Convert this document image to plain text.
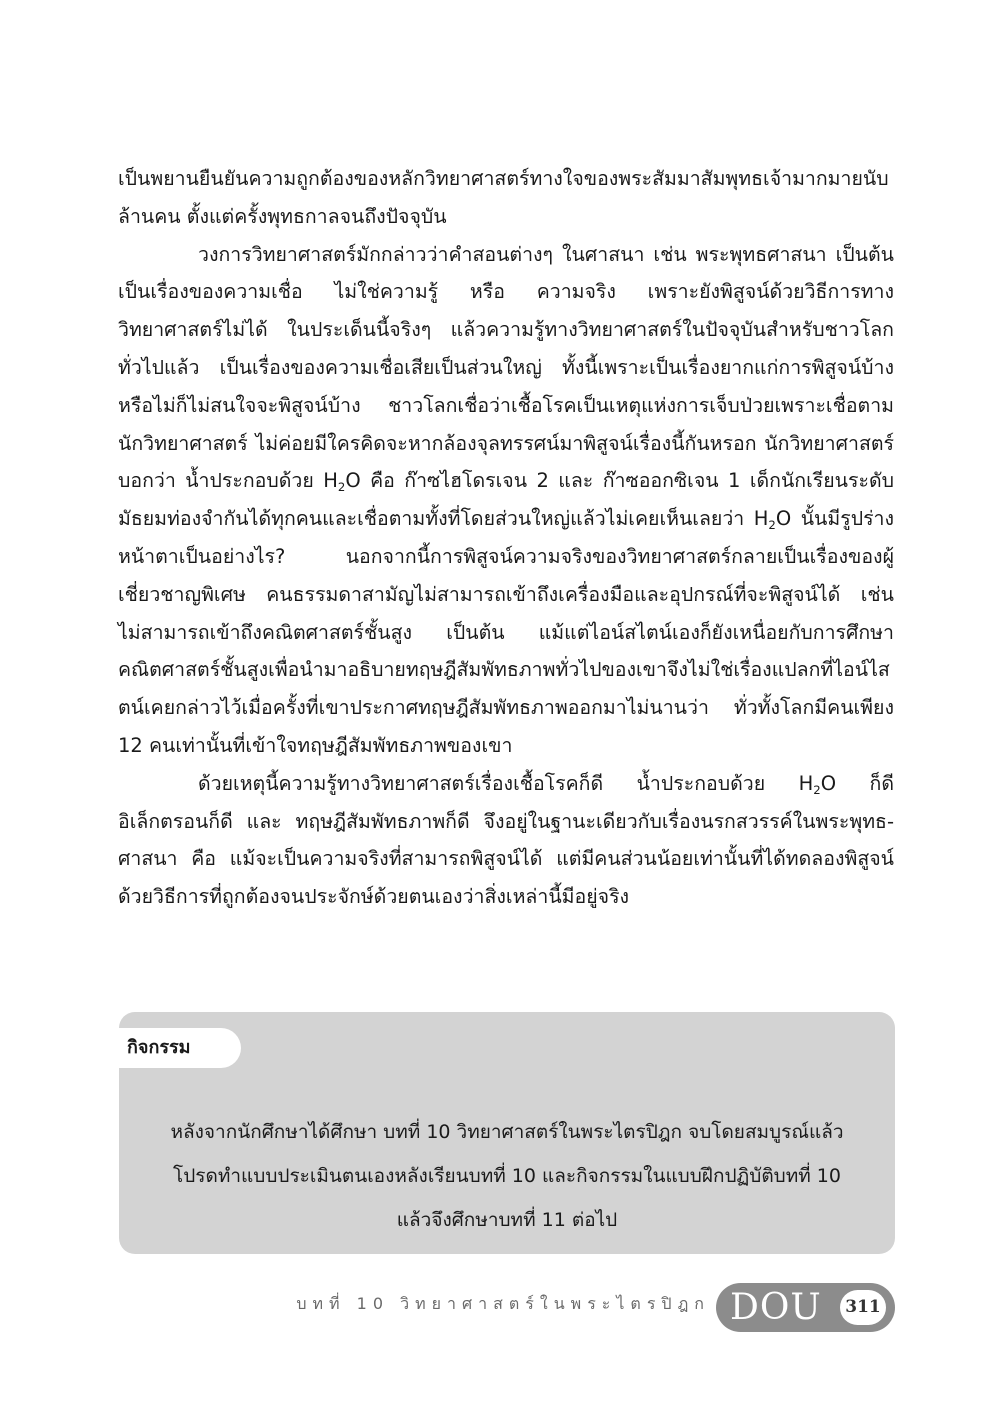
เป็นพยานยืนยันความถูกต้องของหลักวิทยาศาสตร์ทางใจของพระสัมมาสัมพุทธเจ้ามากมายนับล้านคน ตั้งแต่ครั้งพุทธกาลจนถึงปัจจุบัน

วงการวิทยาศาสตร์มักกล่าวว่าคำสอนต่างๆ ในศาสนา เช่น พระพุทธศาสนา เป็นต้น เป็นเรื่องของความเชื่อ ไม่ใช่ความรู้ หรือ ความจริง เพราะยังพิสูจน์ด้วยวิธีการทางวิทยาศาสตร์ไม่ได้ ในประเด็นนี้จริงๆ แล้วความรู้ทางวิทยาศาสตร์ในปัจจุบันสำหรับชาวโลกทั่วไปแล้ว เป็นเรื่องของความเชื่อเสียเป็นส่วนใหญ่ ทั้งนี้เพราะเป็นเรื่องยากแก่การพิสูจน์บ้าง หรือไม่ก็ไม่สนใจจะพิสูจน์บ้าง ชาวโลกเชื่อว่าเชื้อโรคเป็นเหตุแห่งการเจ็บป่วยเพราะเชื่อตามนักวิทยาศาสตร์ ไม่ค่อยมีใครคิดจะหากล้องจุลทรรศน์มาพิสูจน์เรื่องนี้กันหรอก นักวิทยาศาสตร์บอกว่า น้ำประกอบด้วย $H_2O$ คือ ก๊าซไฮโดรเจน 2 และ ก๊าซออกซิเจน 1 เด็กนักเรียนระดับมัธยมท่องจำกันได้ทุกคนและเชื่อตามทั้งที่โดยส่วนใหญ่แล้วไม่เคยเห็นเลยว่า $H_2O$ นั้นมีรูปร่างหน้าตาเป็นอย่างไร? นอกจากนี้การพิสูจน์ความจริงของวิทยาศาสตร์กลายเป็นเรื่องของผู้เชี่ยวชาญพิเศษ คนธรรมดาสามัญไม่สามารถเข้าถึงเครื่องมือและอุปกรณ์ที่จะพิสูจน์ได้ เช่น ไม่สามารถเข้าถึงคณิตศาสตร์ชั้นสูง เป็นต้น แม้แต่ไอน์สไตน์เองก็ยังเหนื่อยกับการศึกษาคณิตศาสตร์ชั้นสูงเพื่อนำมาอธิบายทฤษฎีสัมพัทธภาพทั่วไปของเขาจึงไม่ใช่เรื่องแปลกที่ไอน์ไสตน์เคยกล่าวไว้เมื่อครั้งที่เขาประกาศทฤษฎีสัมพัทธภาพออกมาไม่นานว่า ทั่วทั้งโลกมีคนเพียง 12 คนเท่านั้นที่เข้าใจทฤษฎีสัมพัทธภาพของเขา

ด้วยเหตุนี้ความรู้ทางวิทยาศาสตร์เรื่องเชื้อโรคก็ดี น้ำประกอบด้วย $H_2O$ ก็ดี อิเล็กตรอนก็ดี และ ทฤษฎีสัมพัทธภาพก็ดี จึงอยู่ในฐานะเดียวกับเรื่องนรกสวรรค์ในพระพุทธ-ศาสนา คือ แม้จะเป็นความจริงที่สามารถพิสูจน์ได้ แต่มีคนส่วนน้อยเท่านั้นที่ได้ทดลองพิสูจน์ด้วยวิธีการที่ถูกต้องจนประจักษ์ด้วยตนเองว่าสิ่งเหล่านี้มีอยู่จริง

กิจกรรม
หลังจากนักศึกษาได้ศึกษา บทที่ 10 วิทยาศาสตร์ในพระไตรปิฎก จบโดยสมบูรณ์แล้ว
โปรดทำแบบประเมินตนเองหลังเรียนบทที่ 10 และกิจกรรมในแบบฝึกปฏิบัติบทที่ 10
แล้วจึงศึกษาบทที่ 11 ต่อไป
บทที่ 10 วิทยาศาสตร์ในพระไตรปิฎก DOU	311
